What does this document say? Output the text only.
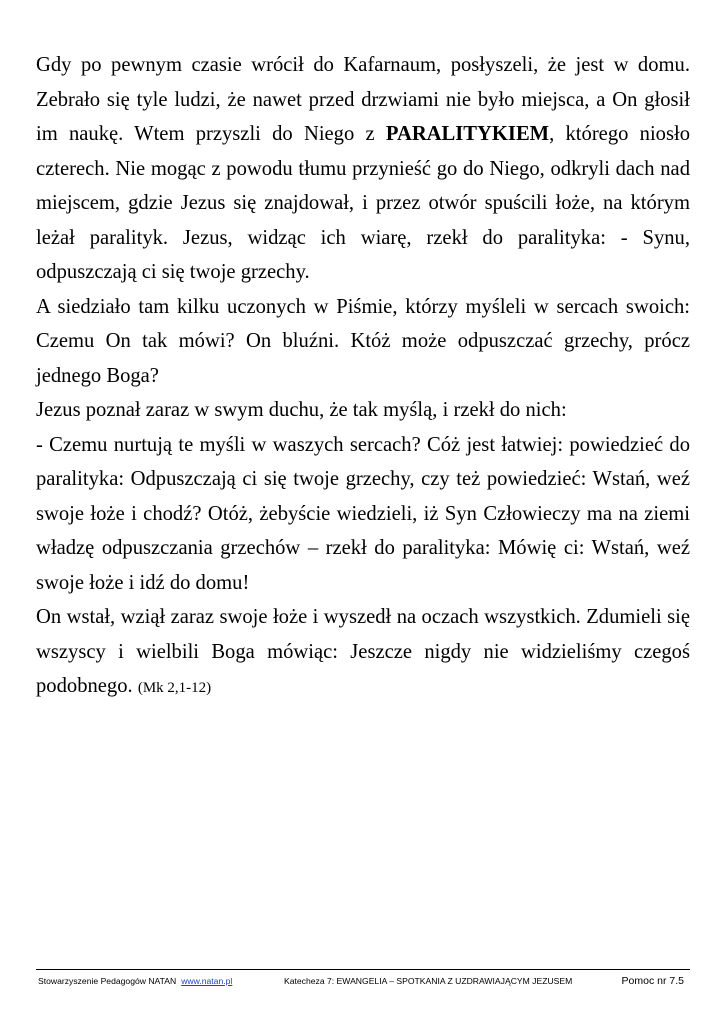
Gdy po pewnym czasie wrócił do Kafarnaum, posłyszeli, że jest w domu. Zebrało się tyle ludzi, że nawet przed drzwiami nie było miejsca, a On głosił im naukę. Wtem przyszli do Niego z PARALITYKIEM, którego niosło czterech. Nie mogąc z powodu tłumu przynieść go do Niego, odkryli dach nad miejscem, gdzie Jezus się znajdował, i przez otwór spuścili łoże, na którym leżał paralityk. Jezus, widząc ich wiarę, rzekł do paralityka: - Synu, odpuszczają ci się twoje grzechy.

A siedziało tam kilku uczonych w Piśmie, którzy myśleli w sercach swoich: Czemu On tak mówi? On bluźni. Któż może odpuszczać grzechy, prócz jednego Boga?

Jezus poznał zaraz w swym duchu, że tak myślą, i rzekł do nich:

- Czemu nurtują te myśli w waszych sercach? Cóż jest łatwiej: powiedzieć do paralityka: Odpuszczają ci się twoje grzechy, czy też powiedzieć: Wstań, weź swoje łoże i chodź? Otóż, żebyście wiedzieli, iż Syn Człowieczy ma na ziemi władzę odpuszczania grzechów – rzekł do paralityka: Mówię ci: Wstań, weź swoje łoże i idź do domu!

On wstał, wziął zaraz swoje łoże i wyszedł na oczach wszystkich. Zdumieli się wszyscy i wielbili Boga mówiąc: Jeszcze nigdy nie widzieliśmy czegoś podobnego. (Mk 2,1-12)

Stowarzyszenie Pedagogów NATAN www.natan.pl	Katecheza 7: EWANGELIA – SPOTKANIA Z UZDRAWIAJĄCYM JEZUSEM	Pomoc nr 7.5
